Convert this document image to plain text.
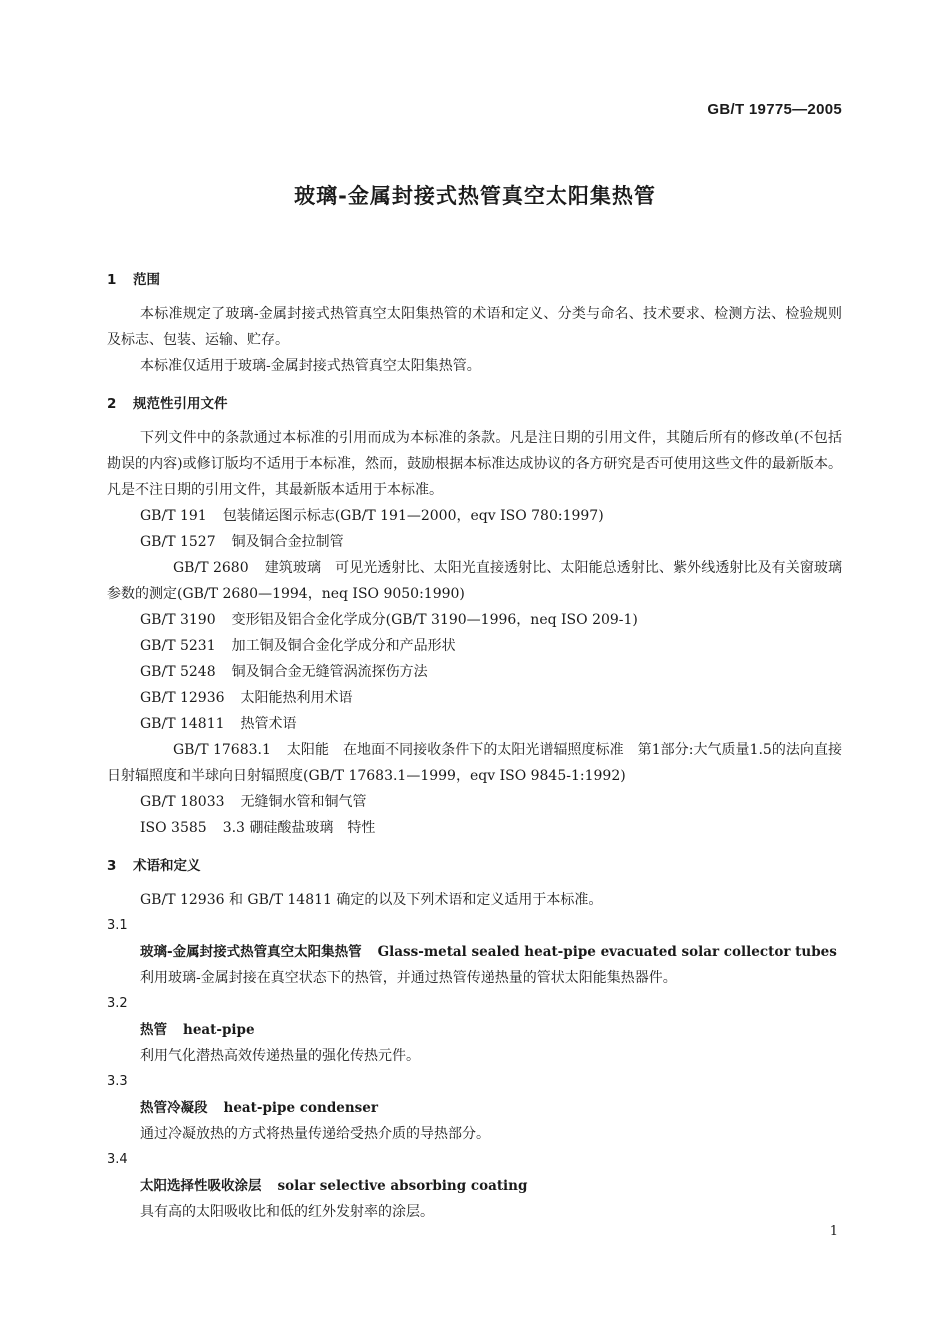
GB/T 19775—2005
玻璃-金属封接式热管真空太阳集热管
1 范围

本标准规定了玻璃-金属封接式热管真空太阳集热管的术语和定义、分类与命名、技术要求、检测方法、检验规则及标志、包装、运输、贮存。

本标准仅适用于玻璃-金属封接式热管真空太阳集热管。

2 规范性引用文件

下列文件中的条款通过本标准的引用而成为本标准的条款。凡是注日期的引用文件，其随后所有的修改单(不包括勘误的内容)或修订版均不适用于本标准，然而，鼓励根据本标准达成协议的各方研究是否可使用这些文件的最新版本。凡是不注日期的引用文件，其最新版本适用于本标准。

GB/T 191 包装储运图示标志(GB/T 191—2000，eqv ISO 780:1997)

GB/T 1527 铜及铜合金拉制管

GB/T 2680 建筑玻璃　可见光透射比、太阳光直接透射比、太阳能总透射比、紫外线透射比及有关窗玻璃参数的测定(GB/T 2680—1994，neq ISO 9050:1990)

GB/T 3190 变形铝及铝合金化学成分(GB/T 3190—1996，neq ISO 209-1)

GB/T 5231 加工铜及铜合金化学成分和产品形状

GB/T 5248 铜及铜合金无缝管涡流探伤方法

GB/T 12936 太阳能热利用术语

GB/T 14811 热管术语

GB/T 17683.1 太阳能　在地面不同接收条件下的太阳光谱辐照度标准　第1部分:大气质量1.5的法向直接日射辐照度和半球向日射辐照度(GB/T 17683.1—1999，eqv ISO 9845-1:1992)

GB/T 18033 无缝铜水管和铜气管

ISO 3585 3.3 硼硅酸盐玻璃　特性

3 术语和定义

GB/T 12936 和 GB/T 14811 确定的以及下列术语和定义适用于本标准。

3.1

玻璃-金属封接式热管真空太阳集热管 Glass-metal sealed heat-pipe evacuated solar collector tubes

利用玻璃-金属封接在真空状态下的热管，并通过热管传递热量的管状太阳能集热器件。

3.2

热管 heat-pipe

利用气化潜热高效传递热量的强化传热元件。

3.3

热管冷凝段 heat-pipe condenser

通过冷凝放热的方式将热量传递给受热介质的导热部分。

3.4

太阳选择性吸收涂层 solar selective absorbing coating

具有高的太阳吸收比和低的红外发射率的涂层。

1
